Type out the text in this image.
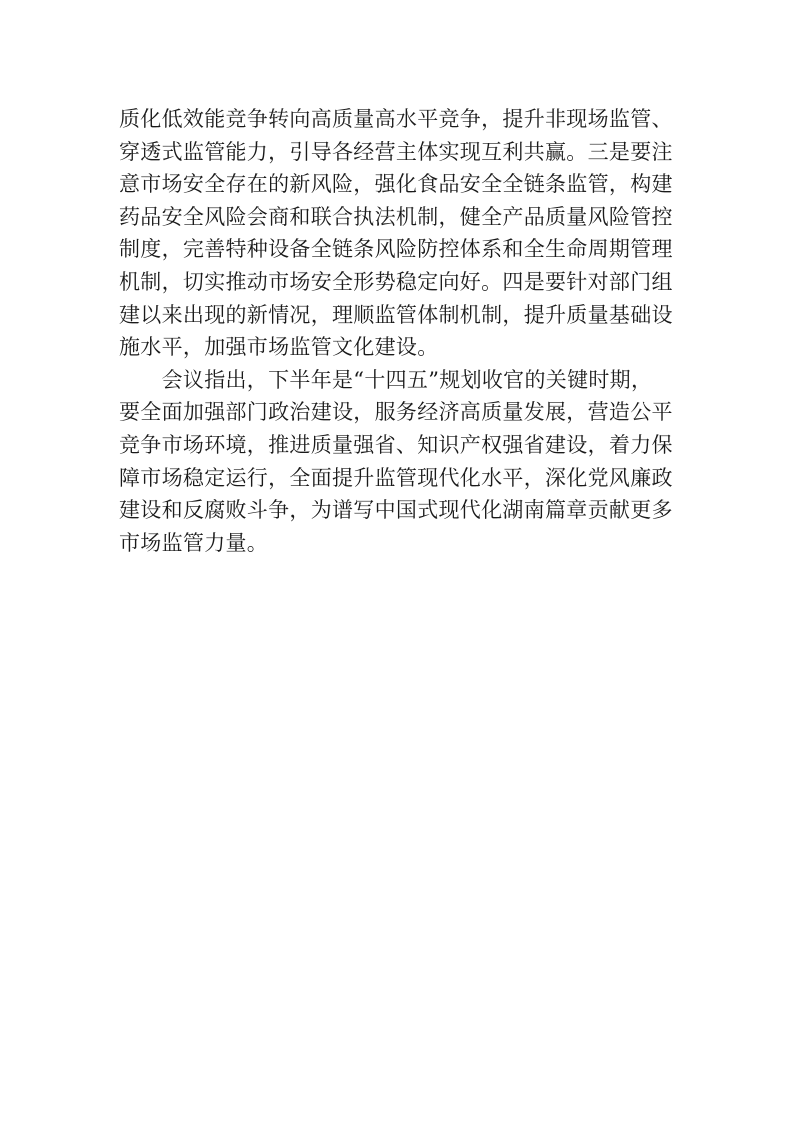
质化低效能竞争转向高质量高水平竞争，提升非现场监管、
穿透式监管能力，引导各经营主体实现互利共赢。三是要注
意市场安全存在的新风险，强化食品安全全链条监管，构建
药品安全风险会商和联合执法机制，健全产品质量风险管控
制度，完善特种设备全链条风险防控体系和全生命周期管理
机制，切实推动市场安全形势稳定向好。四是要针对部门组
建以来出现的新情况，理顺监管体制机制，提升质量基础设
施水平，加强市场监管文化建设。
　　会议指出，下半年是“十四五”规划收官的关键时期，
要全面加强部门政治建设，服务经济高质量发展，营造公平
竞争市场环境，推进质量强省、知识产权强省建设，着力保
障市场稳定运行，全面提升监管现代化水平，深化党风廉政
建设和反腐败斗争，为谱写中国式现代化湖南篇章贡献更多
市场监管力量。
